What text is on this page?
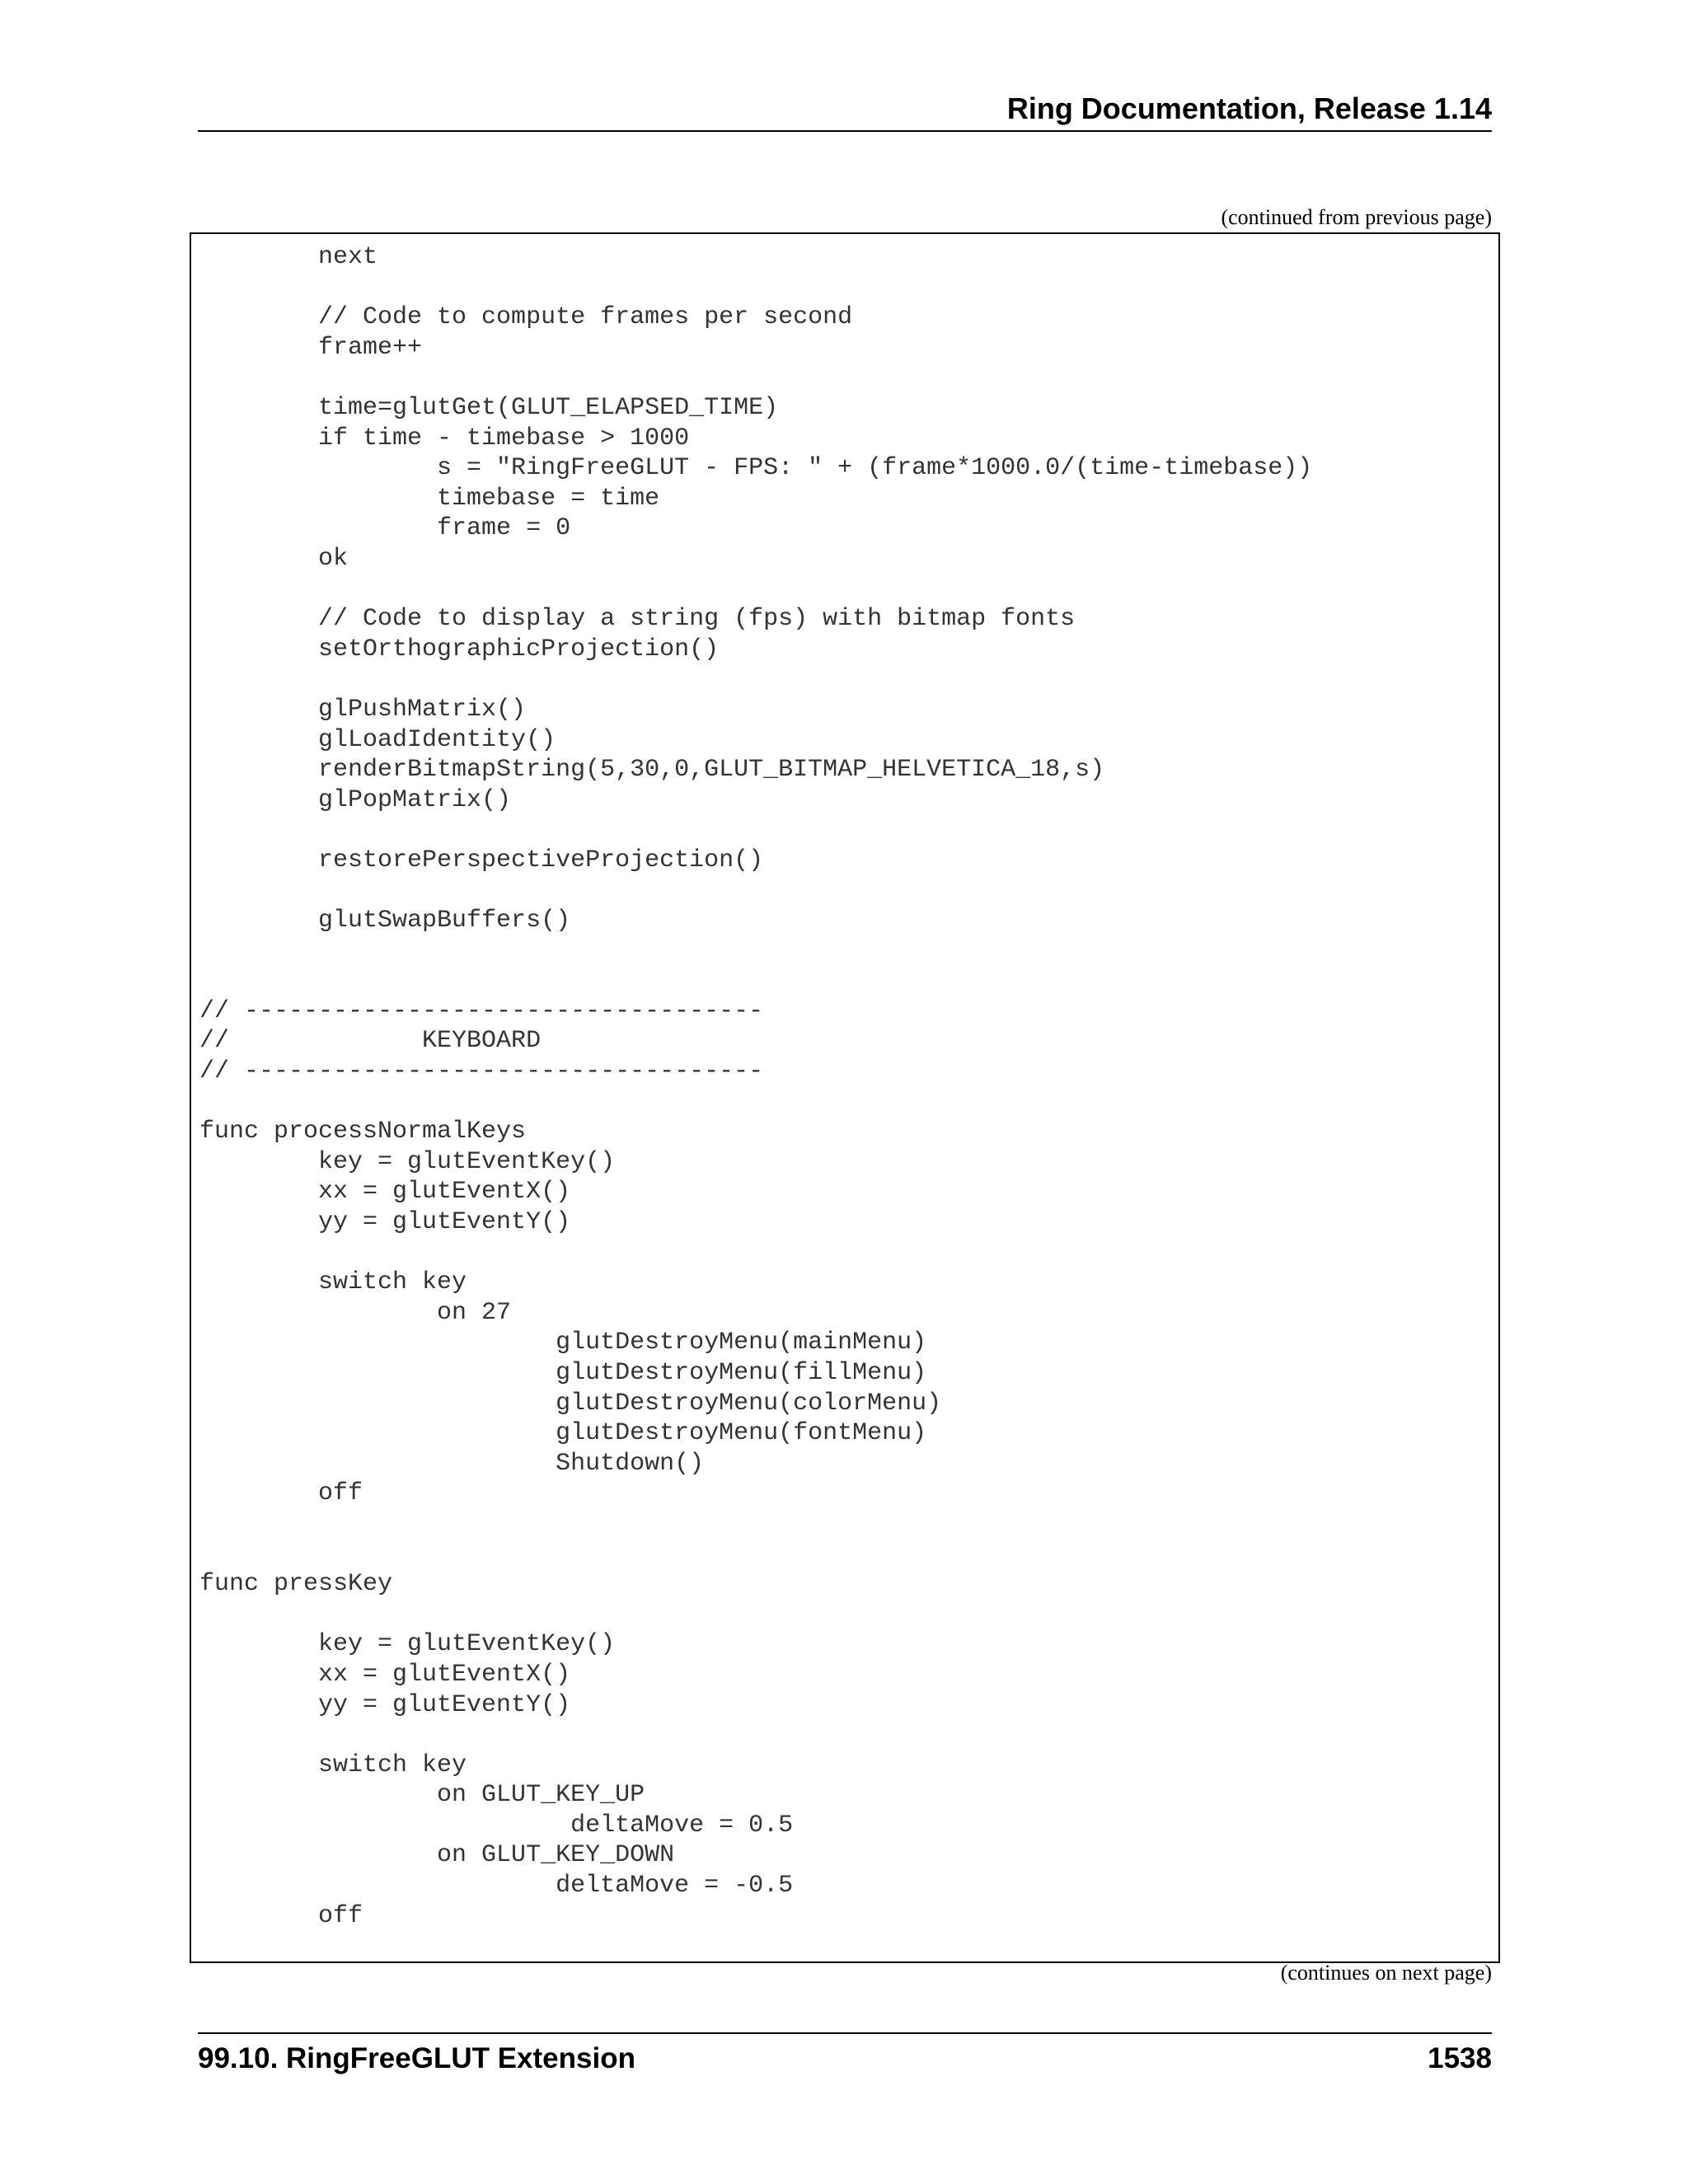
Ring Documentation, Release 1.14
(continued from previous page)
next
// Code to compute frames per second
frame++
time=glutGet(GLUT_ELAPSED_TIME)
if time - timebase > 1000
s = "RingFreeGLUT - FPS: " + (frame*1000.0/(time-timebase))
timebase = time
frame = 0
ok
// Code to display a string (fps) with bitmap fonts
setOrthographicProjection()
glPushMatrix()
glLoadIdentity()
renderBitmapString(5,30,0,GLUT_BITMAP_HELVETICA_18,s)
glPopMatrix()
restorePerspectiveProjection()
glutSwapBuffers()
// -----------------------------------
//             KEYBOARD
// -----------------------------------
func processNormalKeys
key = glutEventKey()
xx = glutEventX()
yy = glutEventY()
switch key
on 27
glutDestroyMenu(mainMenu)
glutDestroyMenu(fillMenu)
glutDestroyMenu(colorMenu)
glutDestroyMenu(fontMenu)
Shutdown()
off
func pressKey
key = glutEventKey()
xx = glutEventX()
yy = glutEventY()
switch key
on GLUT_KEY_UP
deltaMove = 0.5
on GLUT_KEY_DOWN
deltaMove = -0.5
off
(continues on next page)
99.10. RingFreeGLUT Extension	1538
